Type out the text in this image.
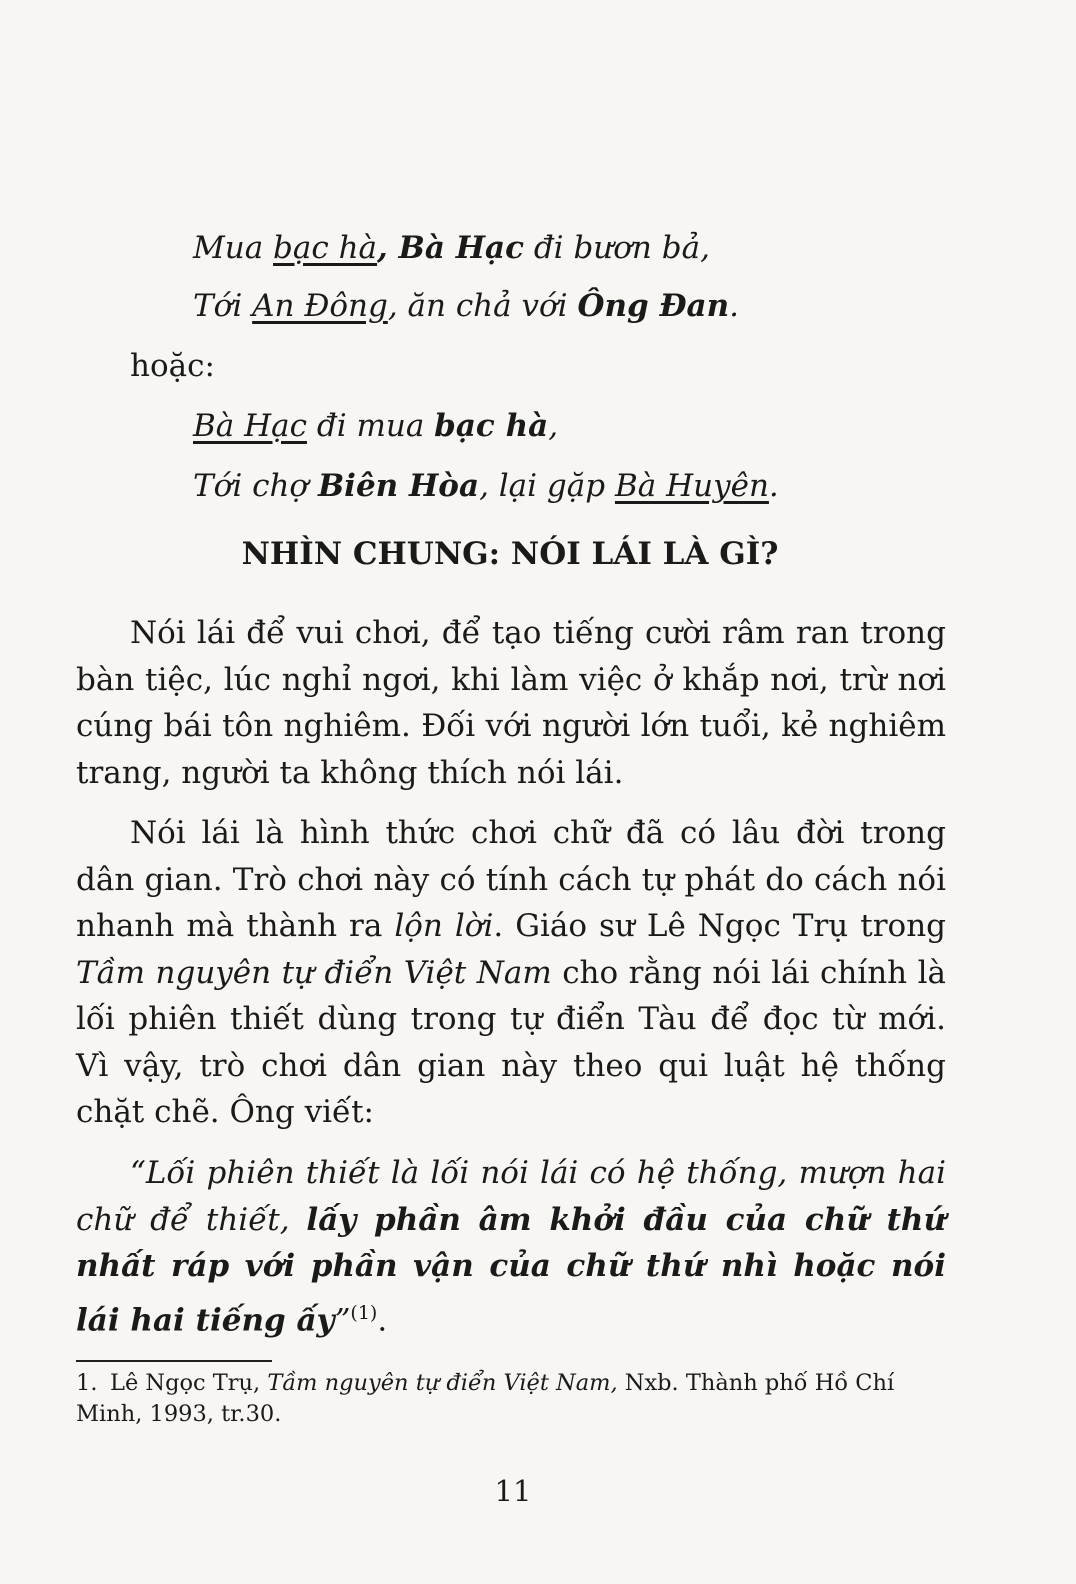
Mua bạc hà, Bà Hạc đi bươn bả,
Tới An Đông, ăn chả với Ông Đan.
hoặc:
Bà Hạc đi mua bạc hà,
Tới chợ Biên Hòa, lại gặp Bà Huyên.
NHÌN CHUNG: NÓI LÁI LÀ GÌ?

Nói lái để vui chơi, để tạo tiếng cười râm ran trong bàn tiệc, lúc nghỉ ngơi, khi làm việc ở khắp nơi, trừ nơi cúng bái tôn nghiêm. Đối với người lớn tuổi, kẻ nghiêm trang, người ta không thích nói lái.

Nói lái là hình thức chơi chữ đã có lâu đời trong dân gian. Trò chơi này có tính cách tự phát do cách nói nhanh mà thành ra lộn lời. Giáo sư Lê Ngọc Trụ trong Tầm nguyên tự điển Việt Nam cho rằng nói lái chính là lối phiên thiết dùng trong tự điển Tàu để đọc từ mới. Vì vậy, trò chơi dân gian này theo qui luật hệ thống chặt chẽ. Ông viết:

“Lối phiên thiết là lối nói lái có hệ thống, mượn hai chữ để thiết, lấy phần âm khởi đầu của chữ thứ nhất ráp với phần vận của chữ thứ nhì hoặc nói lái hai tiếng ấy”$^{(1)}$.

1. Lê Ngọc Trụ, Tầm nguyên tự điển Việt Nam, Nxb. Thành phố Hồ Chí Minh, 1993, tr.30.

11
